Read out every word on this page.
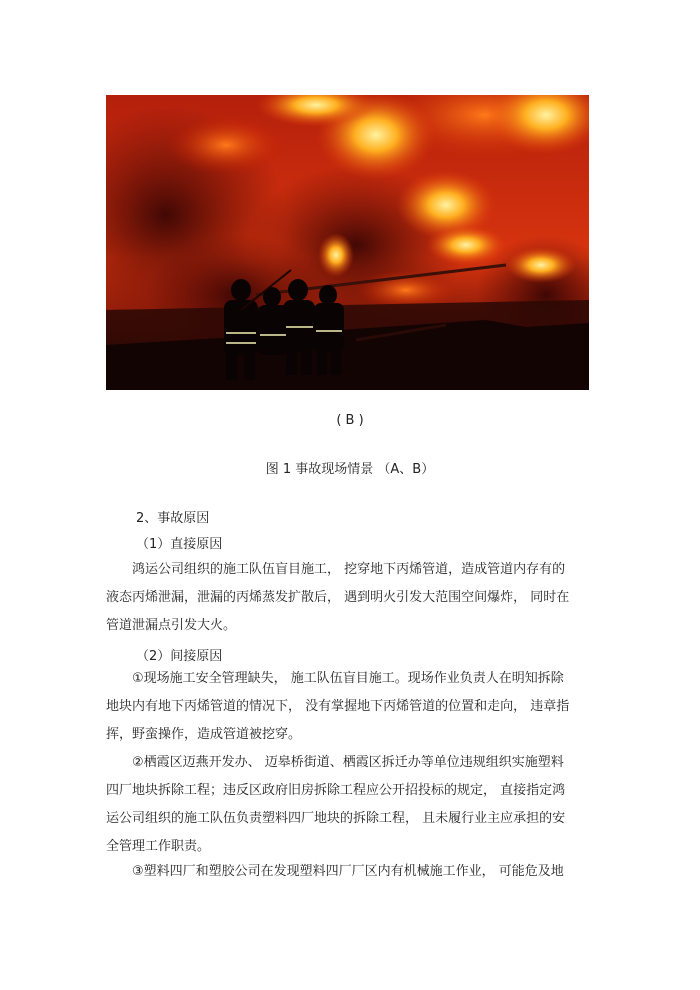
( B )
图 1 事故现场情景 （A、B）
2、事故原因
（1）直接原因
　　鸿运公司组织的施工队伍盲目施工， 挖穿地下丙烯管道，造成管道内存有的
液态丙烯泄漏，泄漏的丙烯蒸发扩散后， 遇到明火引发大范围空间爆炸， 同时在
管道泄漏点引发大火。
（2）间接原因
　　①现场施工安全管理缺失， 施工队伍盲目施工。现场作业负责人在明知拆除
地块内有地下丙烯管道的情况下， 没有掌握地下丙烯管道的位置和走向， 违章指
挥，野蛮操作，造成管道被挖穿。
　　②栖霞区迈燕开发办、 迈皋桥街道、栖霞区拆迁办等单位违规组织实施塑料
四厂地块拆除工程；违反区政府旧房拆除工程应公开招投标的规定， 直接指定鸿
运公司组织的施工队伍负责塑料四厂地块的拆除工程， 且未履行业主应承担的安
全管理工作职责。
　　③塑料四厂和塑胶公司在发现塑料四厂厂区内有机械施工作业， 可能危及地
